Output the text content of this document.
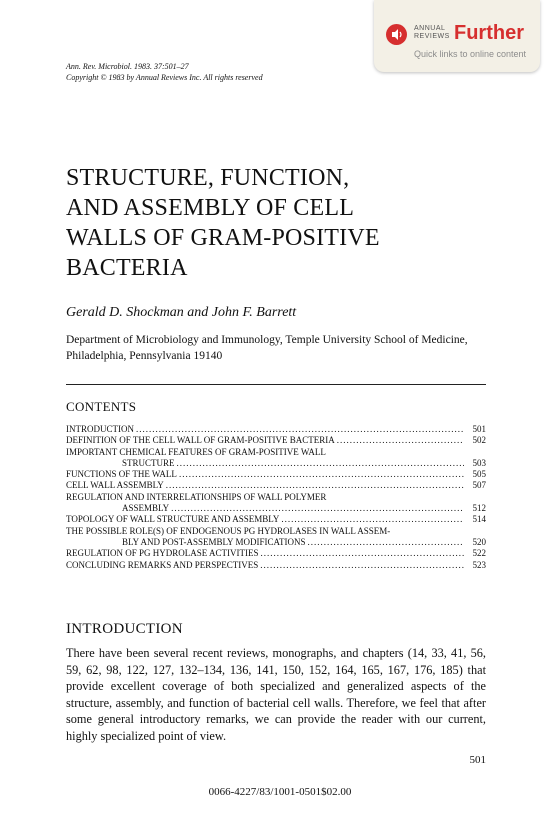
ANNUAL
REVIEWS Further
Quick links to online content
Ann. Rev. Microbiol. 1983. 37:501–27
Copyright © 1983 by Annual Reviews Inc. All rights reserved
STRUCTURE, FUNCTION,
AND ASSEMBLY OF CELL
WALLS OF GRAM-POSITIVE
BACTERIA
Gerald D. Shockman and John F. Barrett
Department of Microbiology and Immunology, Temple University School of Medicine, Philadelphia, Pennsylvania 19140
CONTENTS
INTRODUCTION .....	501
DEFINITION OF THE CELL WALL OF GRAM-POSITIVE BACTERIA .....	502
IMPORTANT CHEMICAL FEATURES OF GRAM-POSITIVE WALL
STRUCTURE .....	503
FUNCTIONS OF THE WALL .....	505
CELL WALL ASSEMBLY .....	507
REGULATION AND INTERRELATIONSHIPS OF WALL POLYMER
ASSEMBLY .....	512
TOPOLOGY OF WALL STRUCTURE AND ASSEMBLY .....	514
THE POSSIBLE ROLE(S) OF ENDOGENOUS PG HYDROLASES IN WALL ASSEM-
BLY AND POST-ASSEMBLY MODIFICATIONS .....	520
REGULATION OF PG HYDROLASE ACTIVITIES .....	522
CONCLUDING REMARKS AND PERSPECTIVES .....	523
INTRODUCTION

There have been several recent reviews, monographs, and chapters (14, 33, 41, 56, 59, 62, 98, 122, 127, 132–134, 136, 141, 150, 152, 164, 165, 167, 176, 185) that provide excellent coverage of both specialized and generalized aspects of the structure, assembly, and function of bacterial cell walls. Therefore, we feel that after some general introductory remarks, we can provide the reader with our current, highly specialized point of view.

501
0066-4227/83/1001-0501$02.00
